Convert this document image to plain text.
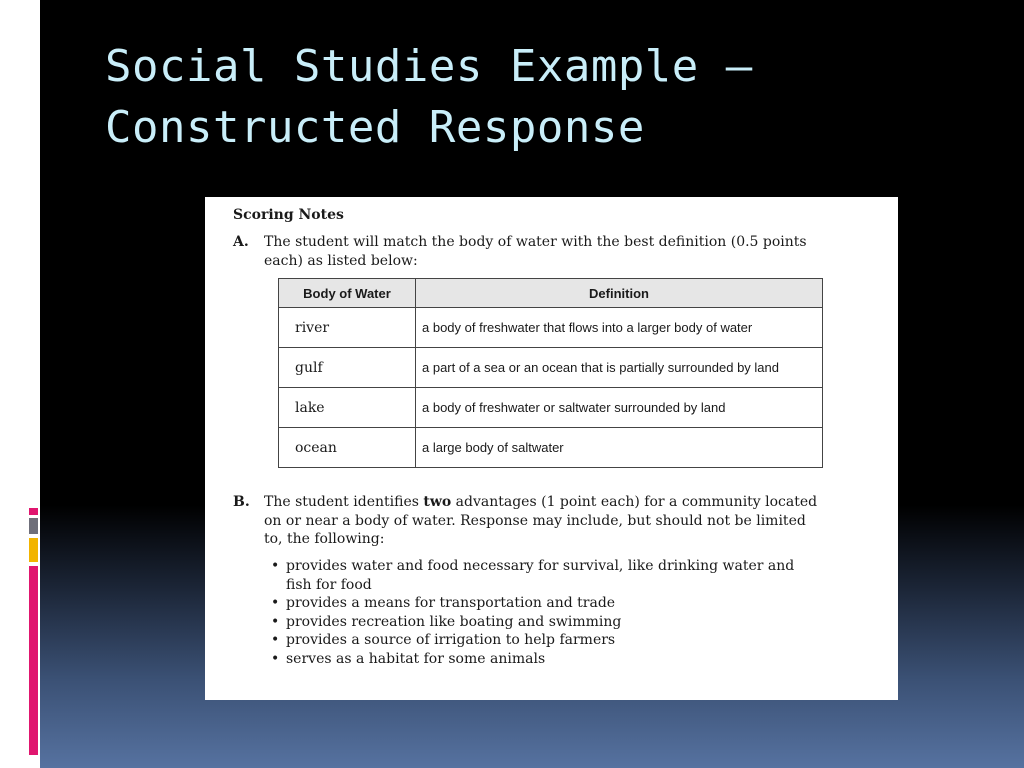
Social Studies Example –
Constructed Response
Scoring Notes
A. The student will match the body of water with the best definition (0.5 points
each) as listed below:
Body of Water	Definition
river	a body of freshwater that flows into a larger body of water
gulf	a part of a sea or an ocean that is partially surrounded by land
lake	a body of freshwater or saltwater surrounded by land
ocean	a large body of saltwater
B. The student identifies two advantages (1 point each) for a community located
on or near a body of water. Response may include, but should not be limited
to, the following:
• provides water and food necessary for survival, like drinking water and
fish for food
• provides a means for transportation and trade
• provides recreation like boating and swimming
• provides a source of irrigation to help farmers
• serves as a habitat for some animals
